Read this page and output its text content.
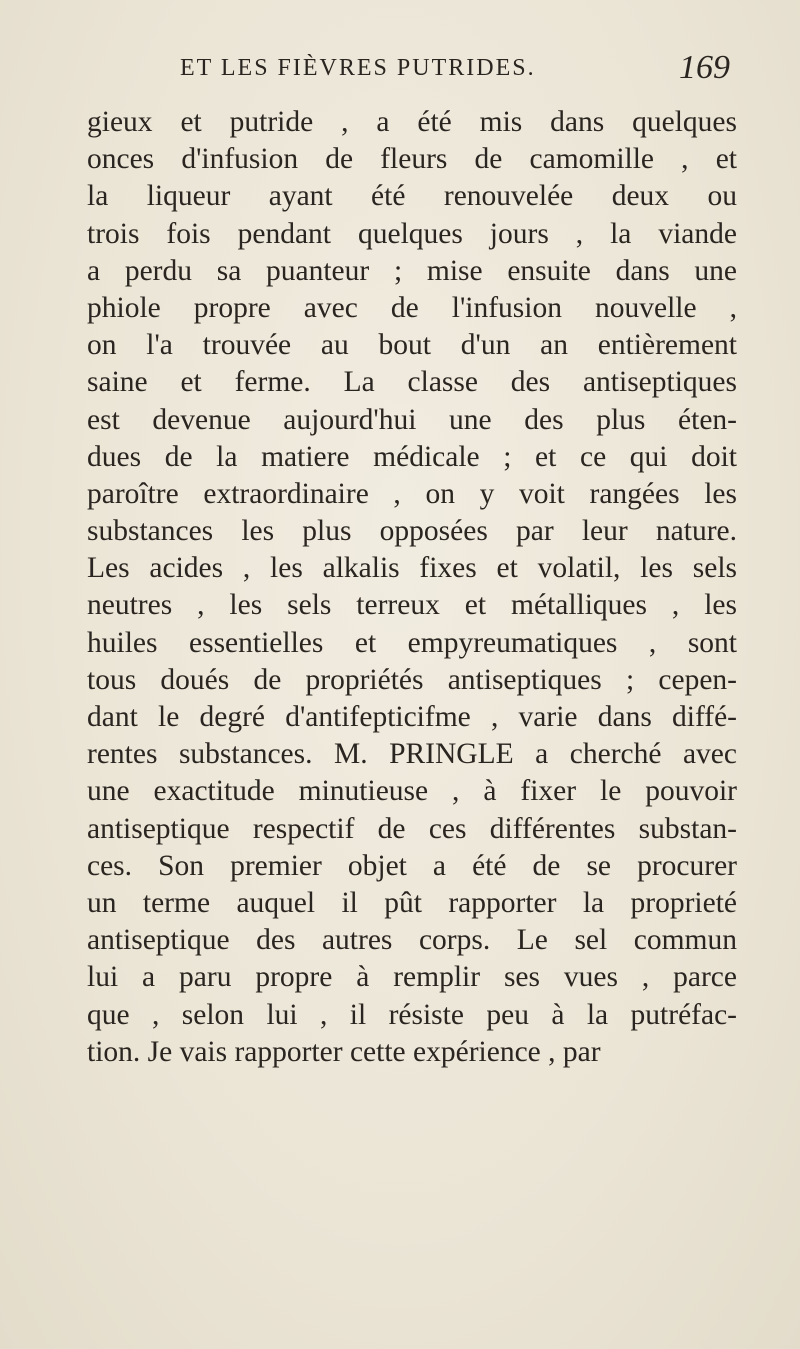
ET LES FIÈVRES PUTRIDES.	169
gieux et putride , a été mis dans quelques
onces d'infusion de fleurs de camomille , et
la liqueur ayant été renouvelée deux ou
trois fois pendant quelques jours , la viande
a perdu sa puanteur ; mise ensuite dans une
phiole propre avec de l'infusion nouvelle ,
on l'a trouvée au bout d'un an entièrement
saine et ferme. La classe des antiseptiques
est devenue aujourd'hui une des plus éten-
dues de la matiere médicale ; et ce qui doit
paroître extraordinaire , on y voit rangées les
substances les plus opposées par leur nature.
Les acides , les alkalis fixes et volatil, les sels
neutres , les sels terreux et métalliques , les
huiles essentielles et empyreumatiques , sont
tous doués de propriétés antiseptiques ; cepen-
dant le degré d'antifepticifme , varie dans diffé-
rentes substances. M. PRINGLE a cherché avec
une exactitude minutieuse , à fixer le pouvoir
antiseptique respectif de ces différentes substan-
ces. Son premier objet a été de se procurer
un terme auquel il pût rapporter la proprieté
antiseptique des autres corps. Le sel commun
lui a paru propre à remplir ses vues , parce
que , selon lui , il résiste peu à la putréfac-
tion. Je vais rapporter cette expérience , par
